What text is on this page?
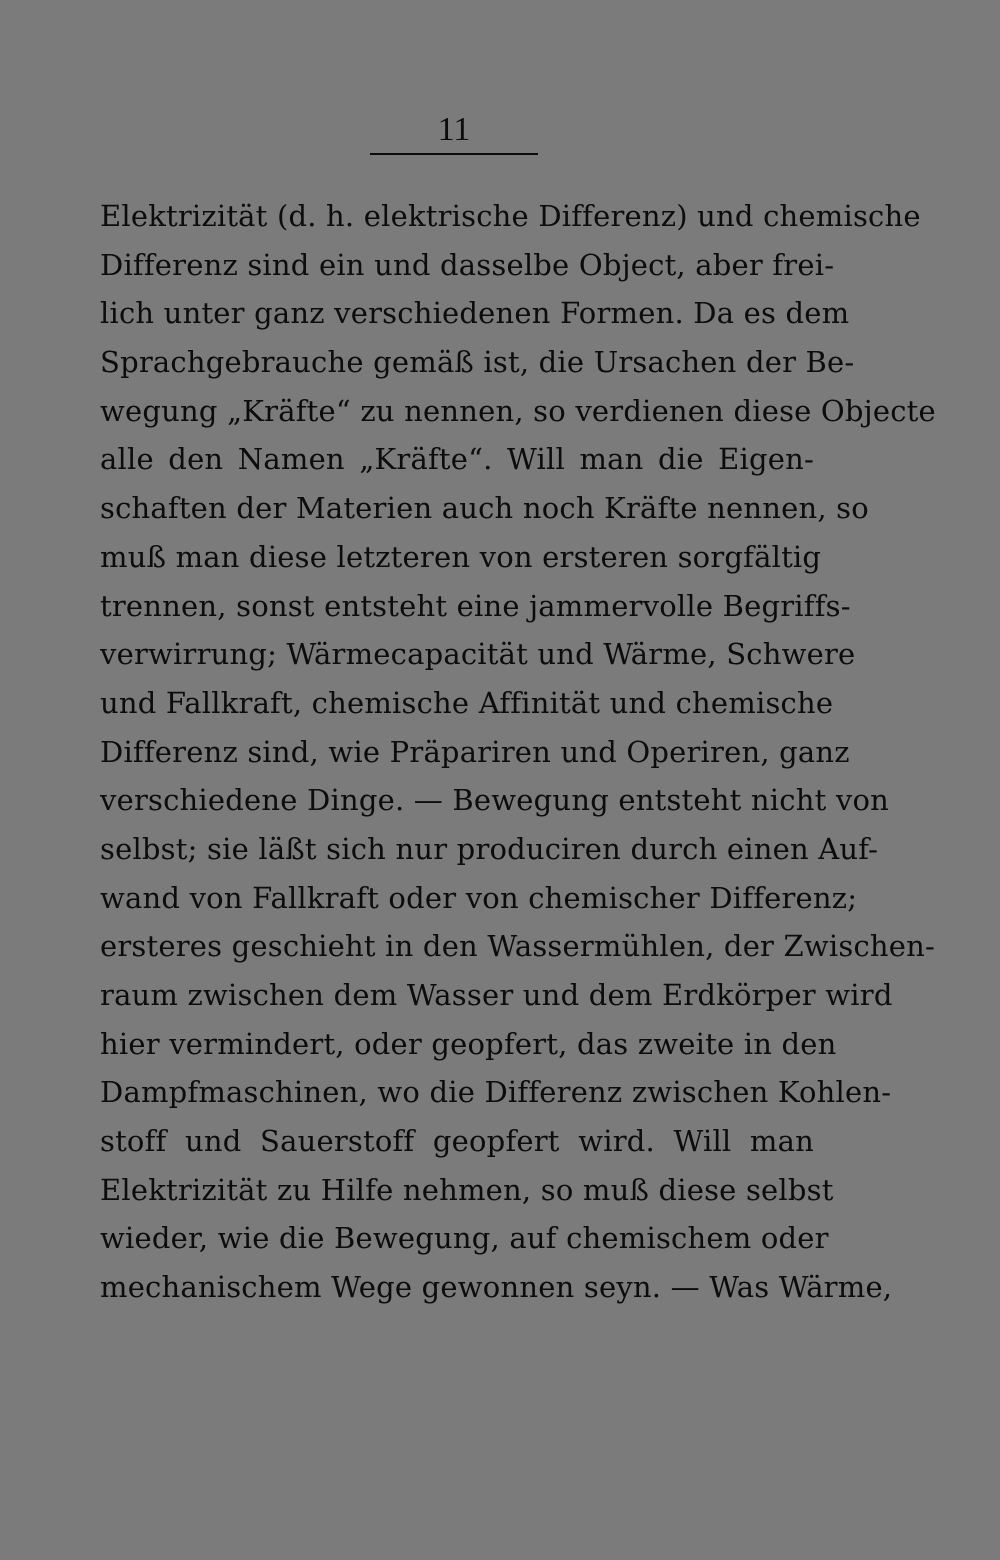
11
Elektrizität (d. h. elektrische Differenz) und chemische
Differenz sind ein und dasselbe Object, aber frei-
lich unter ganz verschiedenen Formen. Da es dem
Sprachgebrauche gemäß ist, die Ursachen der Be-
wegung „Kräfte“ zu nennen, so verdienen diese Objecte
alle den Namen „Kräfte“. Will man die Eigen-
schaften der Materien auch noch Kräfte nennen, so
muß man diese letzteren von ersteren sorgfältig
trennen, sonst entsteht eine jammervolle Begriffs-
verwirrung; Wärmecapacität und Wärme, Schwere
und Fallkraft, chemische Affinität und chemische
Differenz sind, wie Präpariren und Operiren, ganz
verschiedene Dinge. — Bewegung entsteht nicht von
selbst; sie läßt sich nur produciren durch einen Auf-
wand von Fallkraft oder von chemischer Differenz;
ersteres geschieht in den Wassermühlen, der Zwischen-
raum zwischen dem Wasser und dem Erdkörper wird
hier vermindert, oder geopfert, das zweite in den
Dampfmaschinen, wo die Differenz zwischen Kohlen-
stoff und Sauerstoff geopfert wird. Will man
Elektrizität zu Hilfe nehmen, so muß diese selbst
wieder, wie die Bewegung, auf chemischem oder
mechanischem Wege gewonnen seyn. — Was Wärme,
